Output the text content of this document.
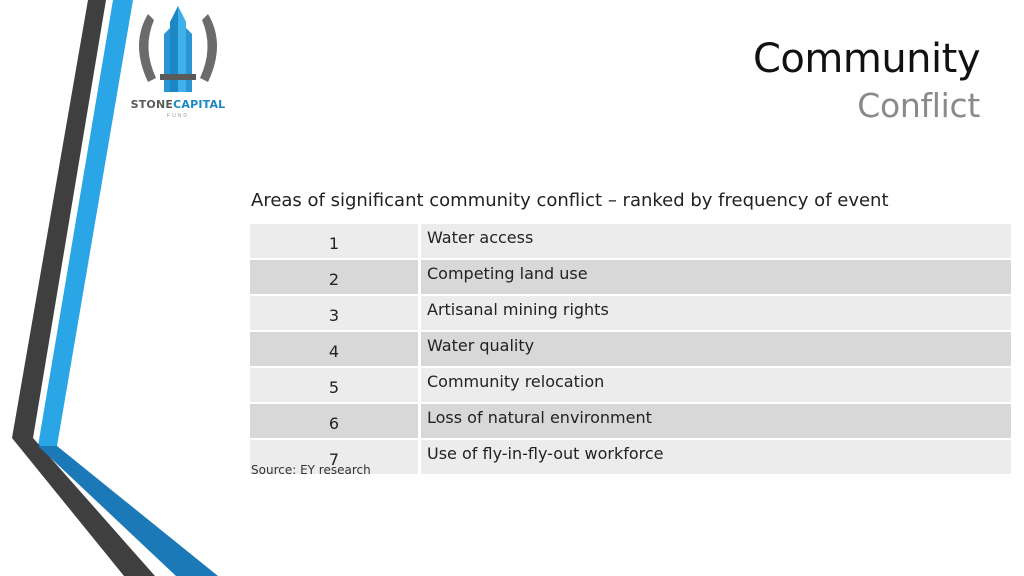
STONECAPITAL
FUND
Community
Conflict
Areas of significant community conflict – ranked by frequency of event
1	Water access
2	Competing land use
3	Artisanal mining rights
4	Water quality
5	Community relocation
6	Loss of natural environment
7	Use of fly-in-fly-out workforce
Source: EY research
